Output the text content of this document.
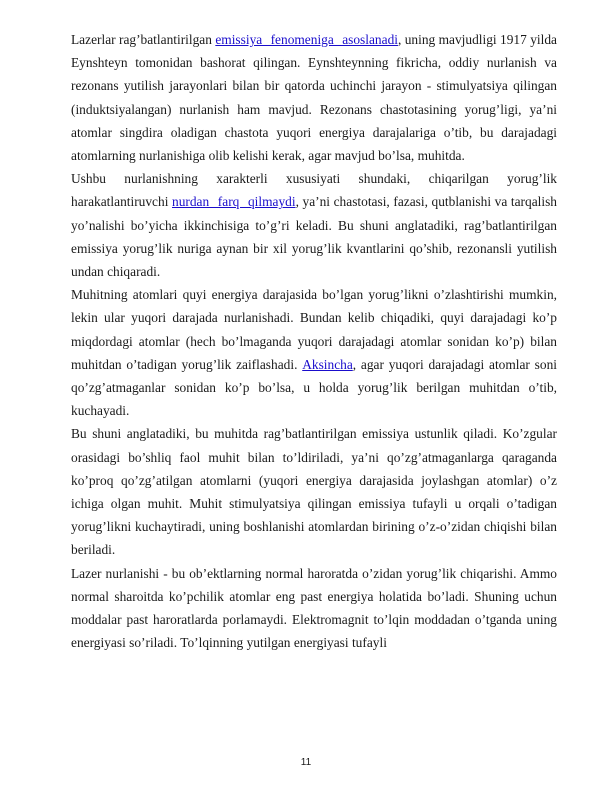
Lazerlar rag’batlantirilgan emissiya fenomeniga asoslanadi, uning mavjudligi 1917 yilda Eynshteyn tomonidan bashorat qilingan. Eynshteynning fikricha, oddiy nurlanish va rezonans yutilish jarayonlari bilan bir qatorda uchinchi jarayon - stimulyatsiya qilingan (induktsiyalangan) nurlanish ham mavjud. Rezonans chastotasining yorug’ligi, ya’ni atomlar singdira oladigan chastota yuqori energiya darajalariga o’tib, bu darajadagi atomlarning nurlanishiga olib kelishi kerak, agar mavjud bo’lsa, muhitda.

Ushbu nurlanishning xarakterli xususiyati shundaki, chiqarilgan yorug’lik harakatlantiruvchi nurdan farq qilmaydi, ya’ni chastotasi, fazasi, qutblanishi va tarqalish yo’nalishi bo’yicha ikkinchisiga to’g’ri keladi. Bu shuni anglatadiki, rag’batlantirilgan emissiya yorug’lik nuriga aynan bir xil yorug’lik kvantlarini qo’shib, rezonansli yutilish undan chiqaradi.

Muhitning atomlari quyi energiya darajasida bo’lgan yorug’likni o’zlashtirishi mumkin, lekin ular yuqori darajada nurlanishadi. Bundan kelib chiqadiki, quyi darajadagi ko’p miqdordagi atomlar (hech bo’lmaganda yuqori darajadagi atomlar sonidan ko’p) bilan muhitdan o’tadigan yorug’lik zaiflashadi. Aksincha, agar yuqori darajadagi atomlar soni qo’zg’atmaganlar sonidan ko’p bo’lsa, u holda yorug’lik berilgan muhitdan o’tib, kuchayadi.

Bu shuni anglatadiki, bu muhitda rag’batlantirilgan emissiya ustunlik qiladi. Ko’zgular orasidagi bo’shliq faol muhit bilan to’ldiriladi, ya’ni qo’zg’atmaganlarga qaraganda ko’proq qo’zg’atilgan atomlarni (yuqori energiya darajasida joylashgan atomlar) o’z ichiga olgan muhit. Muhit stimulyatsiya qilingan emissiya tufayli u orqali o’tadigan yorug’likni kuchaytiradi, uning boshlanishi atomlardan birining o’z-o’zidan chiqishi bilan beriladi.

Lazer nurlanishi - bu ob’ektlarning normal haroratda o’zidan yorug’lik chiqarishi. Ammo normal sharoitda ko’pchilik atomlar eng past energiya holatida bo’ladi. Shuning uchun moddalar past haroratlarda porlamaydi. Elektromagnit to’lqin moddadan o’tganda uning energiyasi so’riladi. To’lqinning yutilgan energiyasi tufayli

11
